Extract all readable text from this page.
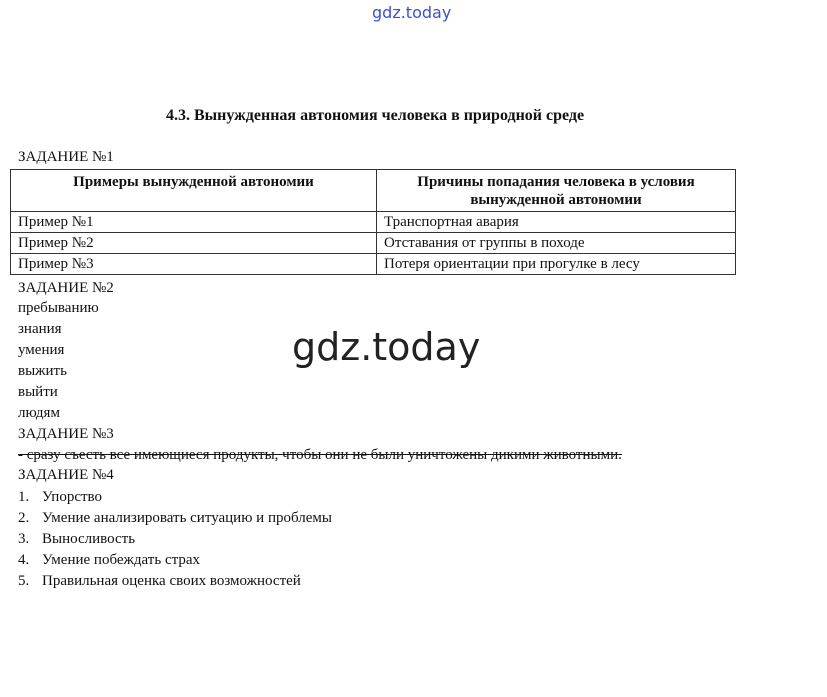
gdz.today
4.3. Вынужденная автономия человека в природной среде
ЗАДАНИЕ №1
Примеры вынужденной автономии	Причины попадания человека в условия вынужденной автономии
Пример №1	Транспортная авария
Пример №2	Отставания от группы в походе
Пример №3	Потеря ориентации при прогулке в лесу
ЗАДАНИЕ №2
пребыванию
знания
умения
выжить
выйти
людям
ЗАДАНИЕ №3
- сразу съесть все имеющиеся продукты, чтобы они не были уничтожены дикими животными.
ЗАДАНИЕ №4
1. Упорство
2. Умение анализировать ситуацию и проблемы
3. Выносливость
4. Умение побеждать страх
5. Правильная оценка своих возможностей
gdz.today
